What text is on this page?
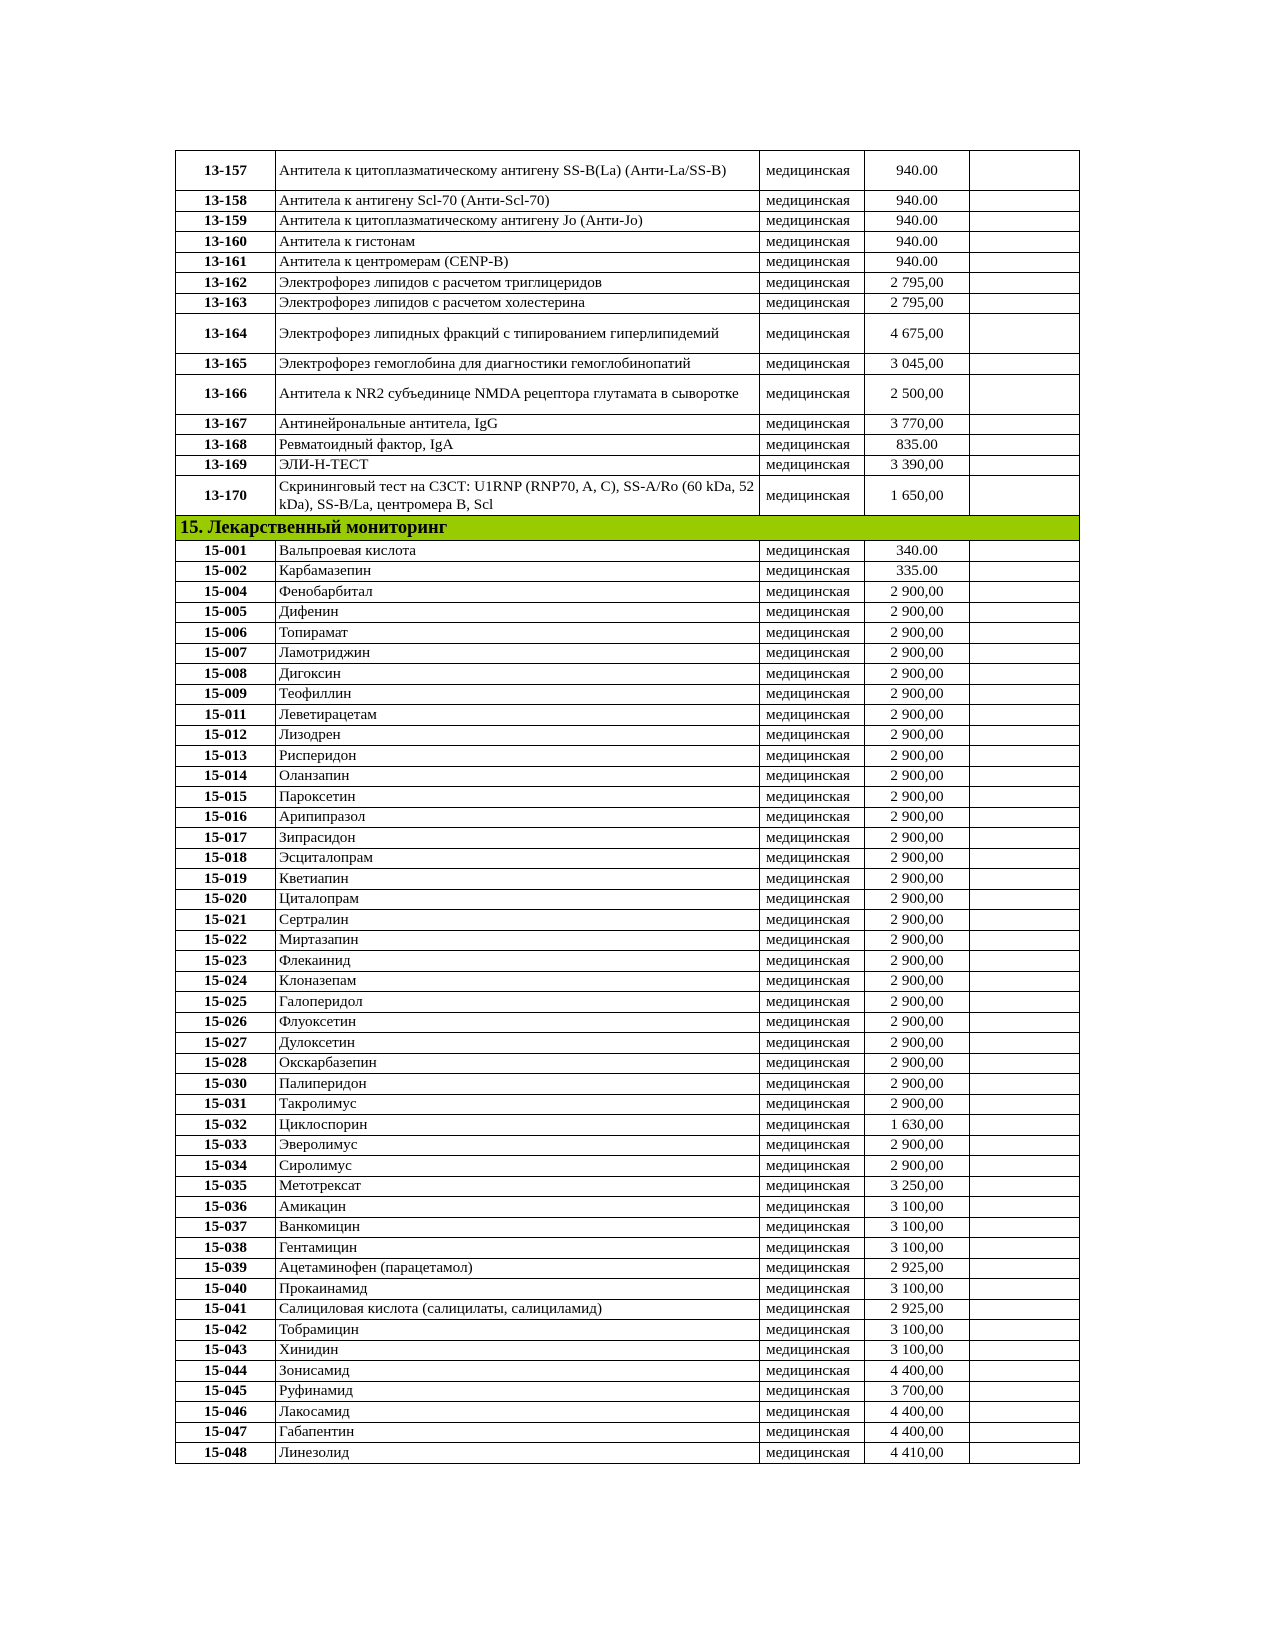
13-157	Антитела к цитоплазматическому антигену SS-B(La) (Анти-La/SS-B)	медицинская	940.00	
13-158	Антитела к антигену Scl-70 (Анти-Scl-70)	медицинская	940.00	
13-159	Антитела к цитоплазматическому антигену Jo (Анти-Jo)	медицинская	940.00	
13-160	Антитела к гистонам	медицинская	940.00	
13-161	Антитела к центромерам (CENP-B)	медицинская	940.00	
13-162	Электрофорез липидов с расчетом триглицеридов	медицинская	2 795,00	
13-163	Электрофорез липидов с расчетом холестерина	медицинская	2 795,00	
13-164	Электрофорез липидных фракций с типированием гиперлипидемий	медицинская	4 675,00	
13-165	Электрофорез гемоглобина для диагностики гемоглобинопатий	медицинская	3 045,00	
13-166	Антитела к NR2 субъединице NMDA рецептора глутамата в сыворотке	медицинская	2 500,00	
13-167	Антинейрональные антитела, IgG	медицинская	3 770,00	
13-168	Ревматоидный фактор, IgA	медицинская	835.00	
13-169	ЭЛИ-Н-ТЕСТ	медицинская	3 390,00	
13-170	Скрининговый тест на СЗСТ: U1RNP (RNP70, A, C), SS-A/Ro (60 kDa, 52 kDa), SS-B/La, центромера B, Scl	медицинская	1 650,00	
15. Лекарственный мониторинг				
15-001	Вальпроевая кислота	медицинская	340.00	
15-002	Карбамазепин	медицинская	335.00	
15-004	Фенобарбитал	медицинская	2 900,00	
15-005	Дифенин	медицинская	2 900,00	
15-006	Топирамат	медицинская	2 900,00	
15-007	Ламотриджин	медицинская	2 900,00	
15-008	Дигоксин	медицинская	2 900,00	
15-009	Теофиллин	медицинская	2 900,00	
15-011	Леветирацетам	медицинская	2 900,00	
15-012	Лизодрен	медицинская	2 900,00	
15-013	Рисперидон	медицинская	2 900,00	
15-014	Оланзапин	медицинская	2 900,00	
15-015	Пароксетин	медицинская	2 900,00	
15-016	Арипипразол	медицинская	2 900,00	
15-017	Зипрасидон	медицинская	2 900,00	
15-018	Эсциталопрам	медицинская	2 900,00	
15-019	Кветиапин	медицинская	2 900,00	
15-020	Циталопрам	медицинская	2 900,00	
15-021	Сертралин	медицинская	2 900,00	
15-022	Миртазапин	медицинская	2 900,00	
15-023	Флекаинид	медицинская	2 900,00	
15-024	Клоназепам	медицинская	2 900,00	
15-025	Галоперидол	медицинская	2 900,00	
15-026	Флуоксетин	медицинская	2 900,00	
15-027	Дулоксетин	медицинская	2 900,00	
15-028	Окскарбазепин	медицинская	2 900,00	
15-030	Палиперидон	медицинская	2 900,00	
15-031	Такролимус	медицинская	2 900,00	
15-032	Циклоспорин	медицинская	1 630,00	
15-033	Эверолимус	медицинская	2 900,00	
15-034	Сиролимус	медицинская	2 900,00	
15-035	Метотрексат	медицинская	3 250,00	
15-036	Амикацин	медицинская	3 100,00	
15-037	Ванкомицин	медицинская	3 100,00	
15-038	Гентамицин	медицинская	3 100,00	
15-039	Ацетаминофен (парацетамол)	медицинская	2 925,00	
15-040	Прокаинамид	медицинская	3 100,00	
15-041	Салициловая кислота (салицилаты, салициламид)	медицинская	2 925,00	
15-042	Тобрамицин	медицинская	3 100,00	
15-043	Хинидин	медицинская	3 100,00	
15-044	Зонисамид	медицинская	4 400,00	
15-045	Руфинамид	медицинская	3 700,00	
15-046	Лакосамид	медицинская	4 400,00	
15-047	Габапентин	медицинская	4 400,00	
15-048	Линезолид	медицинская	4 410,00	
